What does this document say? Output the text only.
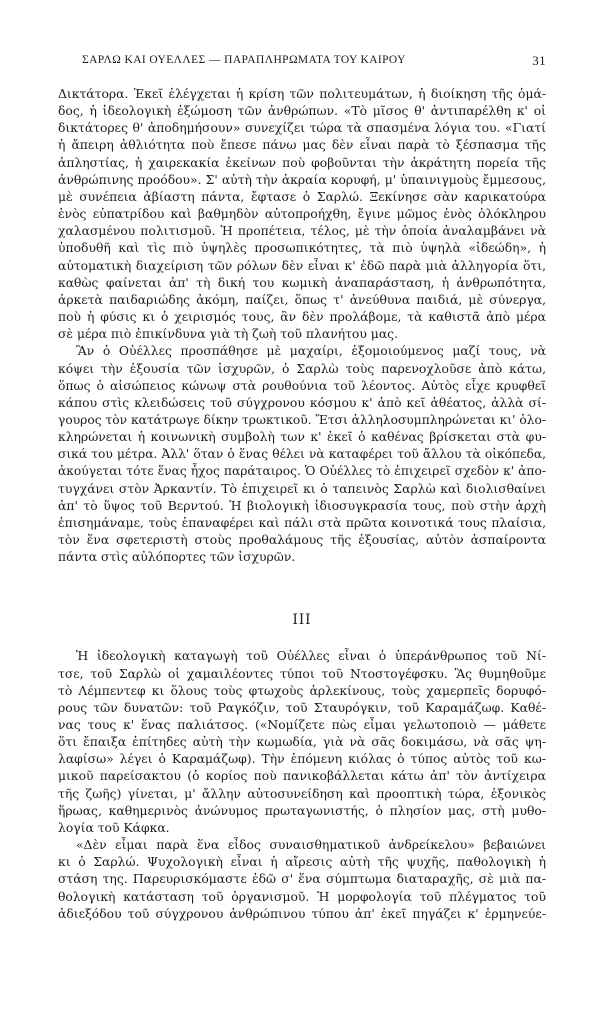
ΣΑΡΛΩ ΚΑΙ ΟΥΕΛΛΕΣ — ΠΑΡΑΠΛΗΡΩΜΑΤΑ ΤΟΥ ΚΑΙΡΟΥ	31
Δικτάτορα. Ἐκεῖ ἐλέγχεται ἡ κρίση τῶν πολιτευμάτων, ἡ διοίκηση τῆς ὁμά-
δος, ἡ ἰδεολογικὴ ἐξώμοση τῶν ἀνθρώπων. «Τὸ μῖσος θ' ἀντιπαρέλθη κ' οἱ
δικτάτορες θ' ἀποδημήσουν» συνεχίζει τώρα τὰ σπασμένα λόγια του. «Γιατί
ἡ ἄπειρη ἀθλιότητα ποὺ ἔπεσε πάνω μας δὲν εἶναι παρὰ τὸ ξέσπασμα τῆς
ἀπληστίας, ἡ χαιρεκακία ἐκείνων ποὺ φοβοῦνται τὴν ἀκράτητη πορεία τῆς
ἀνθρώπινης προόδου». Σ' αὐτὴ τὴν ἀκραία κορυφή, μ' ὑπαινιγμοὺς ἔμμεσους,
μὲ συνέπεια ἀβίαστη πάντα, ἔφτασε ὁ Σαρλώ. Ξεκίνησε σὰν καρικατούρα
ἑνὸς εὐπατρίδου καὶ βαθμηδὸν αὐτοπροήχθη, ἔγινε μῶμος ἑνὸς ὁλόκληρου
χαλασμένου πολιτισμοῦ. Ἡ προπέτεια, τέλος, μὲ τὴν ὁποία ἀναλαμβάνει νὰ
ὑποδυθῆ καὶ τὶς πιὸ ὑψηλὲς προσωπικότητες, τὰ πιὸ ὑψηλὰ «ἰδεώδη», ἡ
αὐτοματικὴ διαχείριση τῶν ρόλων δὲν εἶναι κ' ἐδῶ παρὰ μιὰ ἀλληγορία ὅτι,
καθὼς φαίνεται ἀπ' τὴ δική του κωμικὴ ἀναπαράσταση, ἡ ἀνθρωπότητα,
ἀρκετὰ παιδαριώδης ἀκόμη, παίζει, ὅπως τ' ἀνεύθυνα παιδιά, μὲ σύνεργα,
ποὺ ἡ φύσις κι ὁ χειρισμός τους, ἂν δὲν προλάβομε, τὰ καθιστᾶ ἀπὸ μέρα
σὲ μέρα πιὸ ἐπικίνδυνα γιὰ τὴ ζωὴ τοῦ πλανήτου μας.
Ἂν ὁ Οὐέλλες προσπάθησε μὲ μαχαίρι, ἐξομοιούμενος μαζί τους, νὰ
κόψει τὴν ἐξουσία τῶν ἰσχυρῶν, ὁ Σαρλὼ τοὺς παρενοχλοῦσε ἀπὸ κάτω,
ὅπως ὁ αἰσώπειος κώνωψ στὰ ρουθούνια τοῦ λέοντος. Αὐτὸς εἶχε κρυφθεῖ
κάπου στὶς κλειδώσεις τοῦ σύγχρονου κόσμου κ' ἀπὸ κεῖ ἀθέατος, ἀλλὰ σί-
γουρος τὸν κατάτρωγε δίκην τρωκτικοῦ. Ἔτσι ἀλληλοσυμπληρώνεται κι' ὁλο-
κληρώνεται ἡ κοινωνικὴ συμβολὴ των κ' ἐκεῖ ὁ καθένας βρίσκεται στὰ φυ-
σικά του μέτρα. Ἀλλ' ὅταν ὁ ἕνας θέλει νὰ καταφέρει τοῦ ἄλλου τὰ οἰκόπεδα,
ἀκούγεται τότε ἕνας ἦχος παράταιρος. Ὁ Οὐέλλες τὸ ἐπιχειρεῖ σχεδὸν κ' ἀπο-
τυγχάνει στὸν Ἀρκαντίν. Τὸ ἐπιχειρεῖ κι ὁ ταπεινὸς Σαρλὼ καὶ διολισθαίνει
ἀπ' τὸ ὕψος τοῦ Βερντού. Ἡ βιολογικὴ ἰδιοσυγκρασία τους, ποὺ στὴν ἀρχὴ
ἐπισημάναμε, τοὺς ἐπαναφέρει καὶ πάλι στὰ πρῶτα κοινοτικά τους πλαίσια,
τὸν ἕνα σφετεριστὴ στοὺς προθαλάμους τῆς ἐξουσίας, αὐτὸν ἀσπαίροντα
πάντα στὶς αὐλόπορτες τῶν ἰσχυρῶν.
III
Ἡ ἰδεολογικὴ καταγωγὴ τοῦ Οὐέλλες εἶναι ὁ ὑπεράνθρωπος τοῦ Νί-
τσε, τοῦ Σαρλὼ οἱ χαμαιλέοντες τύποι τοῦ Ντοστογέφσκυ. Ἂς θυμηθοῦμε
τὸ Λέμπεντεφ κι ὅλους τοὺς φτωχοὺς ἀρλεκίνους, τοὺς χαμερπεῖς δορυφό-
ρους τῶν δυνατῶν: τοῦ Ραγκόζιν, τοῦ Σταυρόγκιν, τοῦ Καραμάζωφ. Καθέ-
νας τους κ' ἕνας παλιάτσος. («Νομίζετε πὼς εἶμαι γελωτοποιὸ — μάθετε
ὅτι ἔπαιξα ἐπίτηδες αὐτὴ τὴν κωμωδία, γιὰ νὰ σᾶς δοκιμάσω, νὰ σᾶς ψη-
λαφίσω» λέγει ὁ Καραμάζωφ). Τὴν ἑπόμενη κιόλας ὁ τύπος αὐτὸς τοῦ κω-
μικοῦ παρείσακτου (ὁ κορίος ποὺ πανικοβάλλεται κάτω ἀπ' τὸν ἀντίχειρα
τῆς ζωῆς) γίνεται, μ' ἄλλην αὐτοσυνείδηση καὶ προοπτικὴ τώρα, ἐξονικὸς
ἥρωας, καθημερινὸς ἀνώνυμος πρωταγωνιστής, ὁ πλησίον μας, στὴ μυθο-
λογία τοῦ Κάφκα.
«Δὲν εἶμαι παρὰ ἕνα εἶδος συναισθηματικοῦ ἀνδρείκελου» βεβαιώνει
κι ὁ Σαρλώ. Ψυχολογικὴ εἶναι ἡ αἴρεσις αὐτὴ τῆς ψυχῆς, παθολογικὴ ἡ
στάση της. Παρευρισκόμαστε ἐδῶ σ' ἕνα σύμπτωμα διαταραχῆς, σὲ μιὰ πα-
θολογικὴ κατάσταση τοῦ ὀργανισμοῦ. Ἡ μορφολογία τοῦ πλέγματος τοῦ
ἀδιεξόδου τοῦ σύγχρονου ἀνθρώπινου τύπου ἀπ' ἐκεῖ πηγάζει κ' ἑρμηνεύε-
